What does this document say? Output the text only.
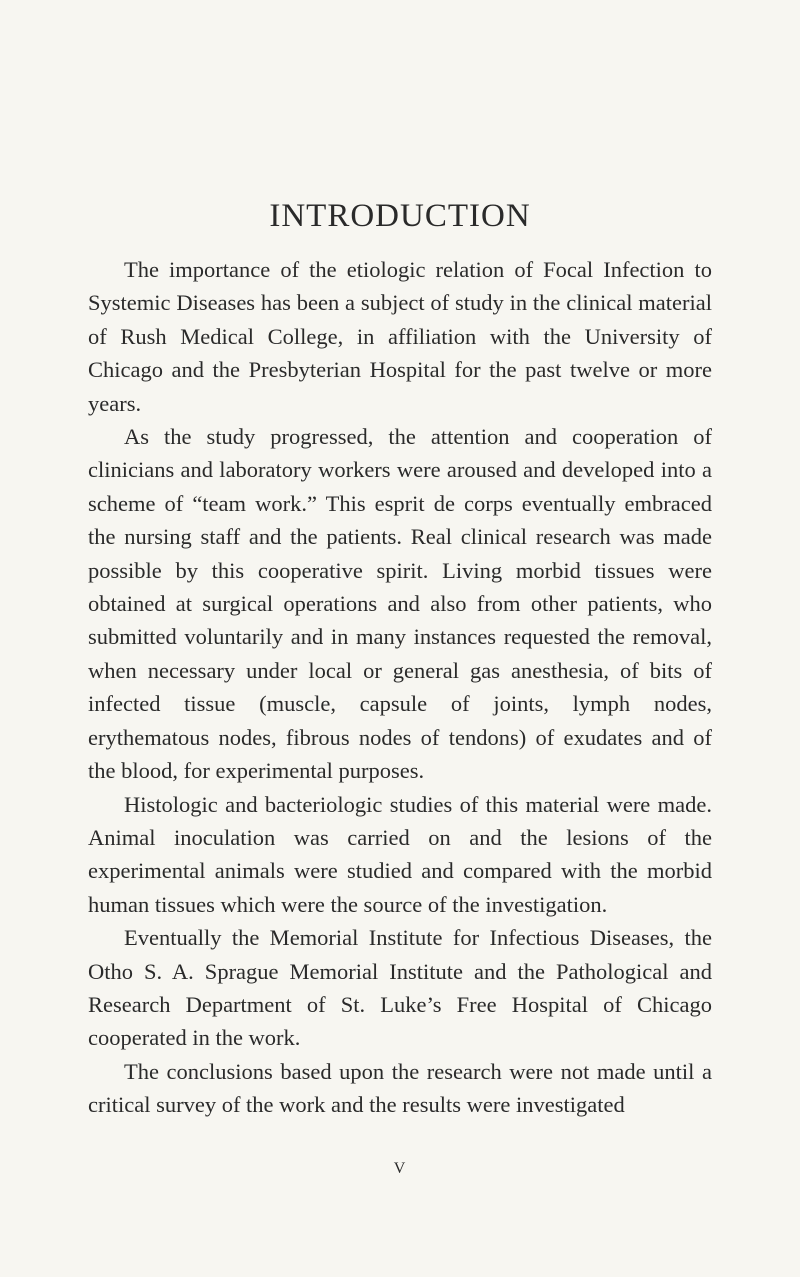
INTRODUCTION

The importance of the etiologic relation of Focal Infection to Systemic Diseases has been a subject of study in the clinical material of Rush Medical College, in affiliation with the University of Chicago and the Presbyterian Hospital for the past twelve or more years.

As the study progressed, the attention and cooperation of clinicians and laboratory workers were aroused and developed into a scheme of “team work.” This esprit de corps eventually embraced the nursing staff and the patients. Real clinical research was made possible by this cooperative spirit. Living morbid tissues were obtained at surgical operations and also from other patients, who submitted voluntarily and in many instances requested the removal, when necessary under local or general gas anesthesia, of bits of infected tissue (muscle, capsule of joints, lymph nodes, erythematous nodes, fibrous nodes of tendons) of exudates and of the blood, for experimental purposes.

Histologic and bacteriologic studies of this material were made. Animal inoculation was carried on and the lesions of the experimental animals were studied and compared with the morbid human tissues which were the source of the investigation.

Eventually the Memorial Institute for Infectious Diseases, the Otho S. A. Sprague Memorial Institute and the Pathological and Research Department of St. Luke’s Free Hospital of Chicago cooperated in the work.

The conclusions based upon the research were not made until a critical survey of the work and the results were investigated

V
